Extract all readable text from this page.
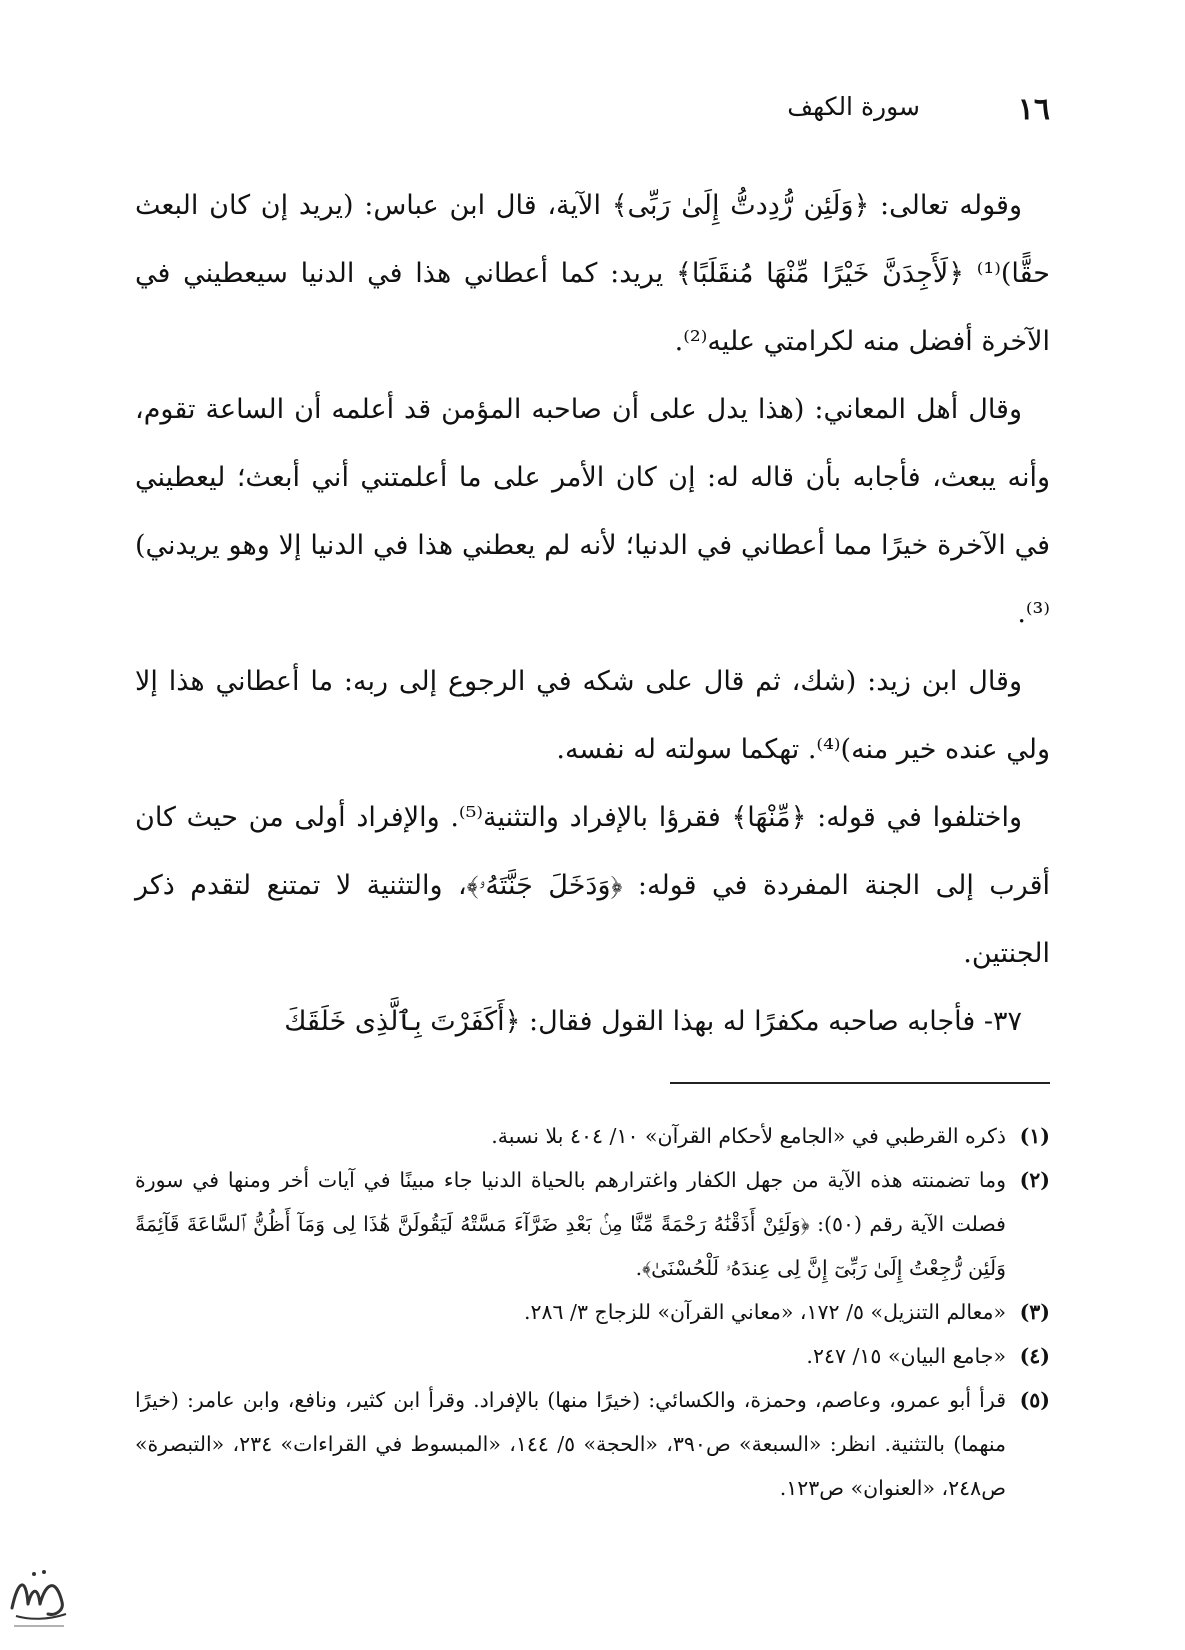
١٦
سورة الكهف

وقوله تعالى: ﴿وَلَئِن رُّدِدتُّ إِلَىٰ رَبِّى﴾ الآية، قال ابن عباس: (يريد إن كان البعث حقًّا)⁽¹⁾ ﴿لَأَجِدَنَّ خَيْرًا مِّنْهَا مُنقَلَبًا﴾ يريد: كما أعطاني هذا في الدنيا سيعطيني في الآخرة أفضل منه لكرامتي عليه⁽²⁾.

وقال أهل المعاني: (هذا يدل على أن صاحبه المؤمن قد أعلمه أن الساعة تقوم، وأنه يبعث، فأجابه بأن قاله له: إن كان الأمر على ما أعلمتني أني أبعث؛ ليعطيني في الآخرة خيرًا مما أعطاني في الدنيا؛ لأنه لم يعطني هذا في الدنيا إلا وهو يريدني)⁽³⁾.

وقال ابن زيد: (شك، ثم قال على شكه في الرجوع إلى ربه: ما أعطاني هذا إلا ولي عنده خير منه)⁽⁴⁾. تهكما سولته له نفسه.

واختلفوا في قوله: ﴿مِّنْهَا﴾ فقرؤا بالإفراد والتثنية⁽⁵⁾. والإفراد أولى من حيث كان أقرب إلى الجنة المفردة في قوله: ﴿وَدَخَلَ جَنَّتَهُۥ﴾، والتثنية لا تمتنع لتقدم ذكر الجنتين.

٣٧- فأجابه صاحبه مكفرًا له بهذا القول فقال: ﴿أَكَفَرْتَ بِٱلَّذِى خَلَقَكَ

(١)
ذكره القرطبي في «الجامع لأحكام القرآن» ١٠/ ٤٠٤ بلا نسبة.
(٢)
وما تضمنته هذه الآية من جهل الكفار واغترارهم بالحياة الدنيا جاء مبينًا في آيات أخر ومنها في سورة فصلت الآية رقم (٥٠): ﴿وَلَئِنْ أَذَقْنَٰهُ رَحْمَةً مِّنَّا مِنۢ بَعْدِ ضَرَّآءَ مَسَّتْهُ لَيَقُولَنَّ هَٰذَا لِى وَمَآ أَظُنُّ ٱلسَّاعَةَ قَآئِمَةً وَلَئِن رُّجِعْتُ إِلَىٰ رَبِّىٓ إِنَّ لِى عِندَهُۥ لَلْحُسْنَىٰ﴾.
(٣)
«معالم التنزيل» ٥/ ١٧٢، «معاني القرآن» للزجاج ٣/ ٢٨٦.
(٤)
«جامع البيان» ١٥/ ٢٤٧.
(٥)
قرأ أبو عمرو، وعاصم، وحمزة، والكسائي: (خيرًا منها) بالإفراد. وقرأ ابن كثير، ونافع، وابن عامر: (خيرًا منهما) بالتثنية. انظر: «السبعة» ص٣٩٠، «الحجة» ٥/ ١٤٤، «المبسوط في القراءات» ٢٣٤، «التبصرة» ص٢٤٨، «العنوان» ص١٢٣.
